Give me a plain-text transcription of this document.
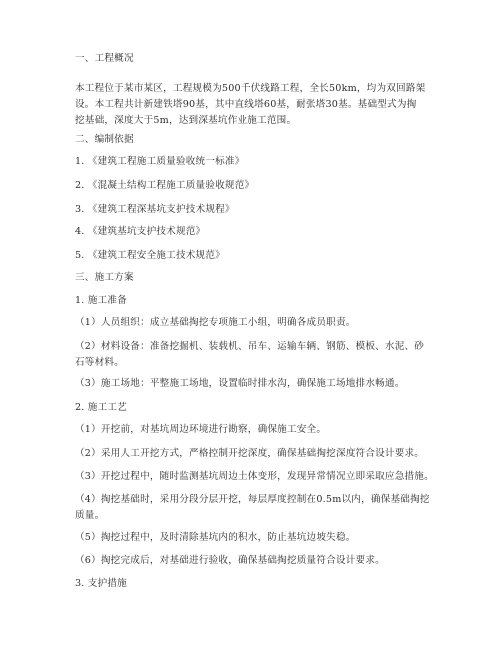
一、工程概况
本工程位于某市某区，工程规模为500千伏线路工程，全长50km，均为双回路架
设。本工程共计新建铁塔90基，其中直线塔60基，耐张塔30基。基础型式为掏
挖基础，深度大于5m，达到深基坑作业施工范围。
二、编制依据
1. 《建筑工程施工质量验收统一标准》
2. 《混凝土结构工程施工质量验收规范》
3. 《建筑工程深基坑支护技术规程》
4. 《建筑基坑支护技术规范》
5. 《建筑工程安全施工技术规范》
三、施工方案
1. 施工准备
（1）人员组织：成立基础掏挖专项施工小组，明确各成员职责。
（2）材料设备：准备挖掘机、装载机、吊车、运输车辆、钢筋、模板、水泥、砂
石等材料。
（3）施工场地：平整施工场地，设置临时排水沟，确保施工场地排水畅通。
2. 施工工艺
（1）开挖前，对基坑周边环境进行勘察，确保施工安全。
（2）采用人工开挖方式，严格控制开挖深度，确保基础掏挖深度符合设计要求。
（3）开挖过程中，随时监测基坑周边土体变形，发现异常情况立即采取应急措施。
（4）掏挖基础时，采用分段分层开挖，每层厚度控制在0.5m以内，确保基础掏挖
质量。
（5）掏挖过程中，及时清除基坑内的积水，防止基坑边坡失稳。
（6）掏挖完成后，对基础进行验收，确保基础掏挖质量符合设计要求。
3. 支护措施
